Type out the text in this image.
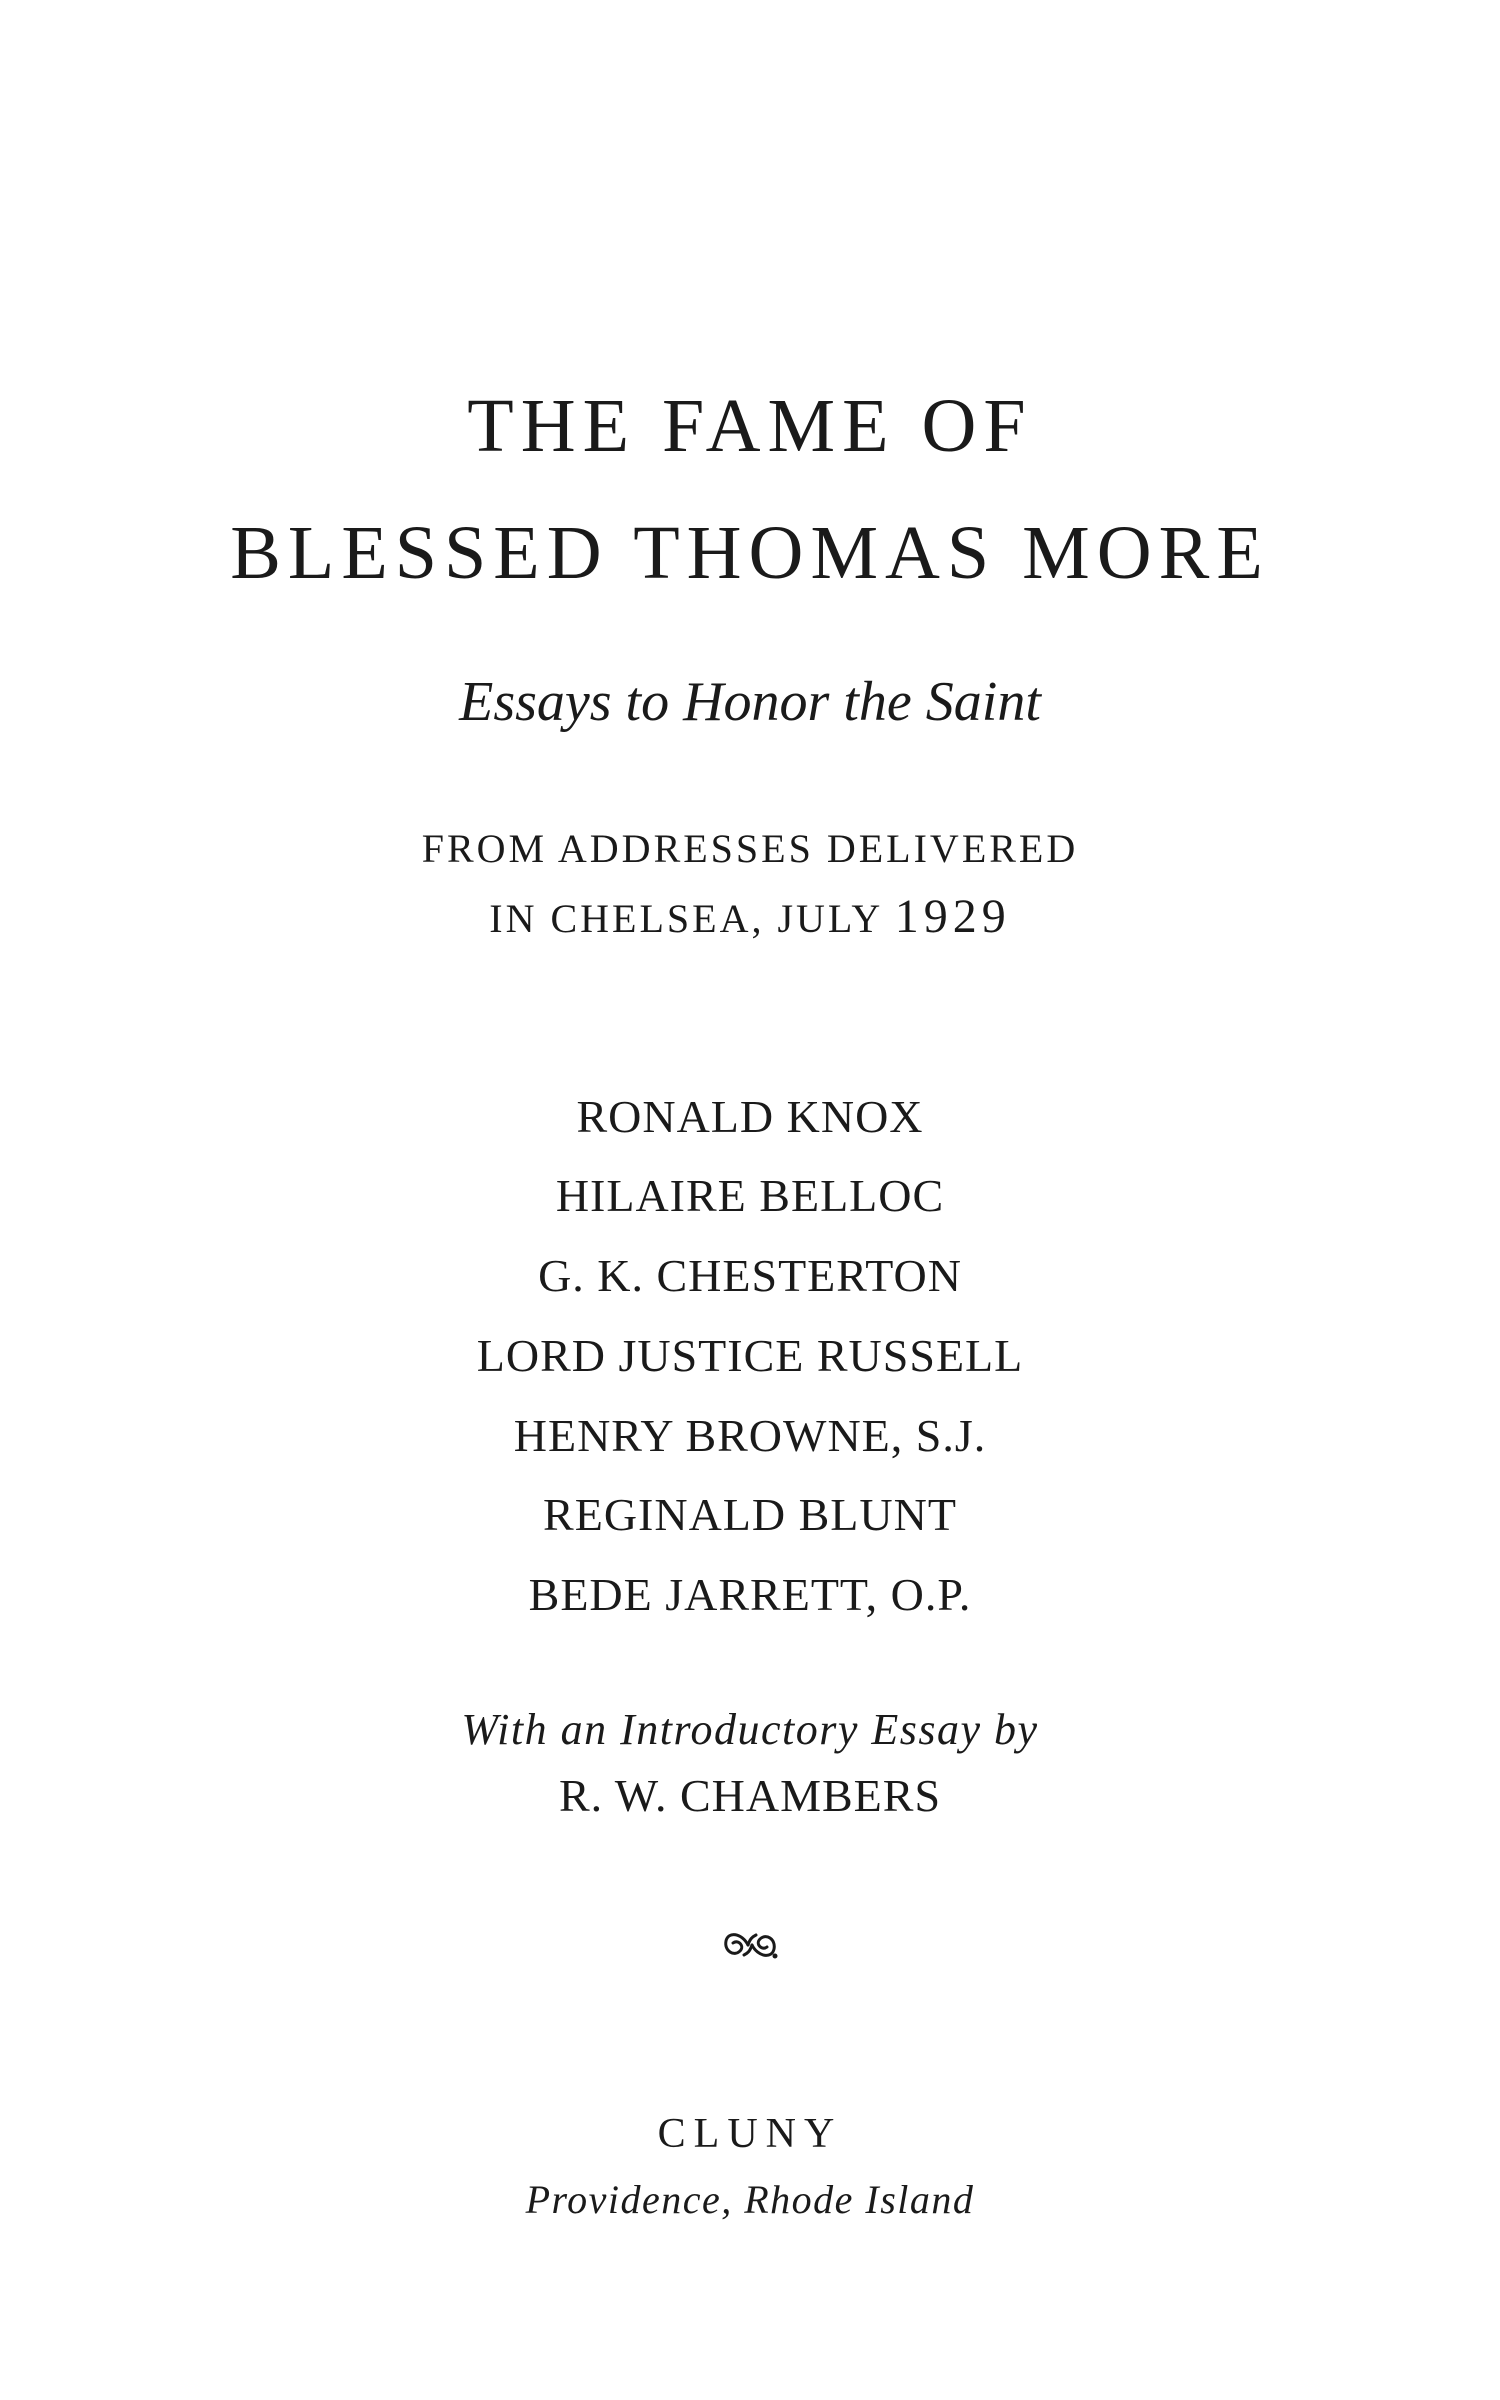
THE FAME OF
BLESSED THOMAS MORE
Essays to Honor the Saint
FROM ADDRESSES DELIVERED
IN CHELSEA, JULY 1929
RONALD KNOX
HILAIRE BELLOC
G. K. CHESTERTON
LORD JUSTICE RUSSELL
HENRY BROWNE, S.J.
REGINALD BLUNT
BEDE JARRETT, O.P.
With an Introductory Essay by
R. W. CHAMBERS
CLUNY
Providence, Rhode Island
